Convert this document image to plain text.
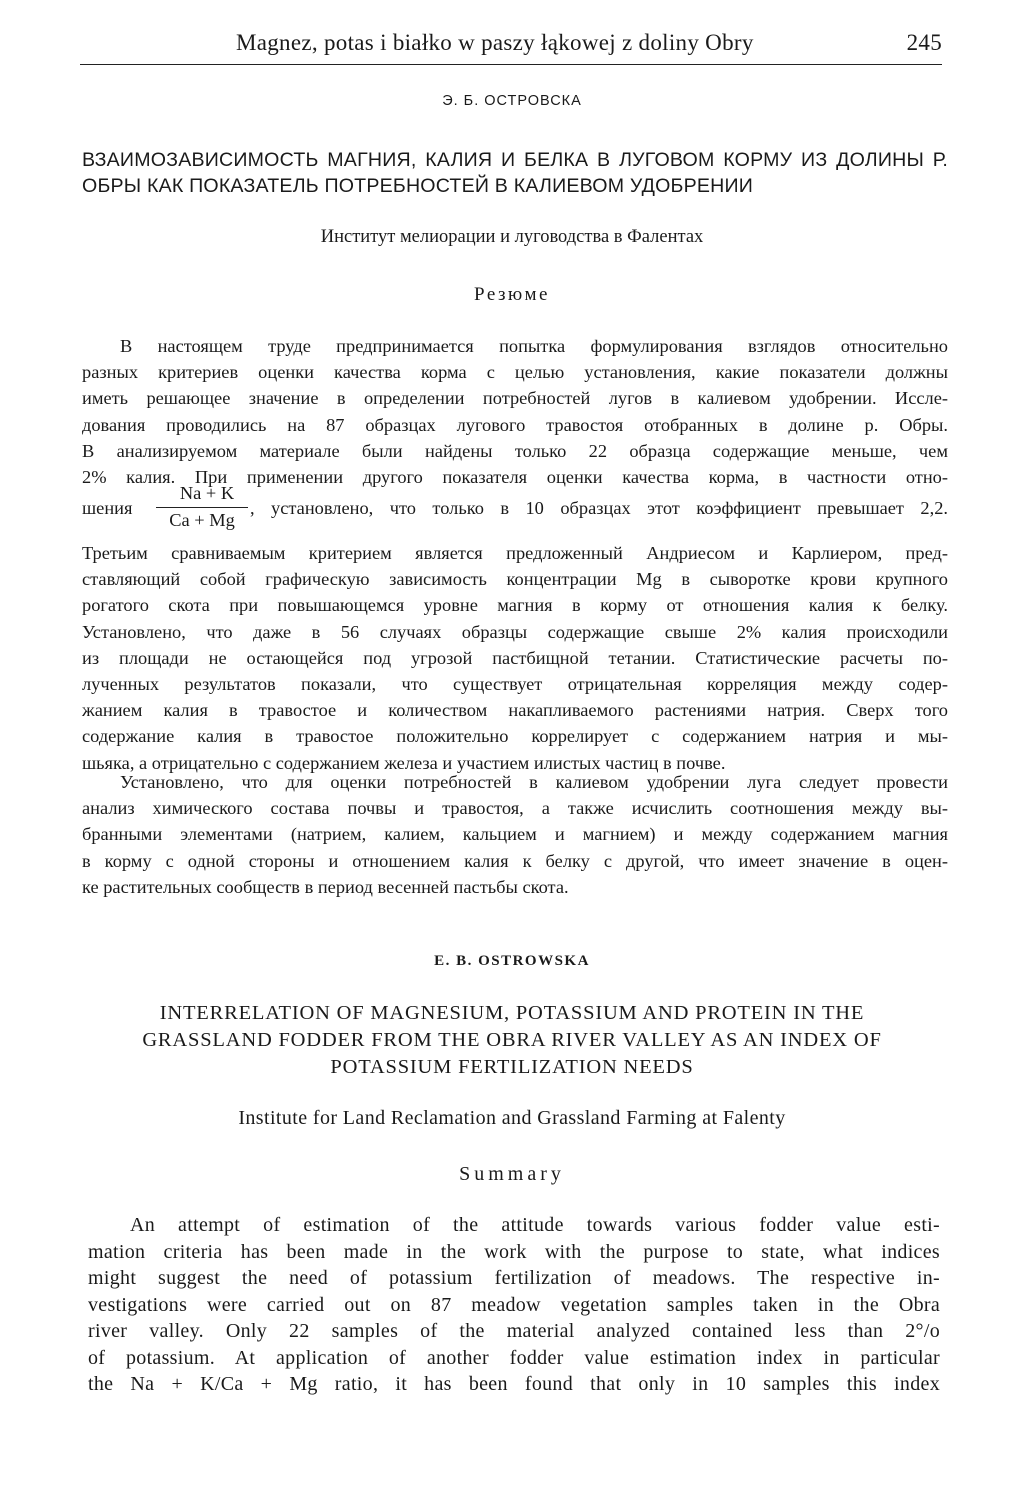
Magnez, potas i białko w paszy łąkowej z doliny Obry	245
Э. Б. ОСТРОВСКА
ВЗАИМОЗАВИСИМОСТЬ МАГНИЯ, КАЛИЯ И БЕЛКА В ЛУГОВОМ КОРМУ ИЗ ДОЛИНЫ Р. ОБРЫ КАК ПОКАЗАТЕЛЬ ПОТРЕБНОСТЕЙ В КАЛИЕВОМ УДОБРЕНИИ
Институт мелиорации и луговодства в Фалентах
Резюме
В настоящем труде предпринимается попытка формулирования взглядов относительно
разных критериев оценки качества корма с целью установления, какие показатели должны
иметь решающее значение в определении потребностей лугов в калиевом удобрении. Иссле-
дования проводились на 87 образцах лугового травостоя отобранных в долине р. Обры.
В анализируемом материале были найдены только 22 образца содержащие меньше, чем
2% калия. При применении другого показателя оценки качества корма, в частности отно-
шения
Na + K
Ca + Mg
, установлено, что только в 10 образцах этот коэффициент превышает 2,2.
Третьим сравниваемым критерием является предложенный Андриесом и Карлиером, пред-
ставляющий собой графическую зависимость концентрации Mg в сыворотке крови крупного
рогатого скота при повышающемся уровне магния в корму от отношения калия к белку.
Установлено, что даже в 56 случаях образцы содержащие свыше 2% калия происходили
из площади не остающейся под угрозой пастбищной тетании. Статистические расчеты по-
лученных результатов показали, что существует отрицательная корреляция между содер-
жанием калия в травостое и количеством накапливаемого растениями натрия. Сверх того
содержание калия в травостое положительно коррелирует с содержанием натрия и мы-
шьяка, а отрицательно с содержанием железа и участием илистых частиц в почве.
Установлено, что для оценки потребностей в калиевом удобрении луга следует провести
анализ химического состава почвы и травостоя, а также исчислить соотношения между вы-
бранными элементами (натрием, калием, кальцием и магнием) и между содержанием магния
в корму с одной стороны и отношением калия к белку с другой, что имеет значение в оцен-
ке растительных сообществ в период весенней пастьбы скота.
E. B. OSTROWSKA
INTERRELATION OF MAGNESIUM, POTASSIUM AND PROTEIN IN THE GRASSLAND FODDER FROM THE OBRA RIVER VALLEY AS AN INDEX OF POTASSIUM FERTILIZATION NEEDS
Institute for Land Reclamation and Grassland Farming at Falenty
Summary
An attempt of estimation of the attitude towards various fodder value esti-
mation criteria has been made in the work with the purpose to state, what indices
might suggest the need of potassium fertilization of meadows. The respective in-
vestigations were carried out on 87 meadow vegetation samples taken in the Obra
river valley. Only 22 samples of the material analyzed contained less than 2°/o
of potassium. At application of another fodder value estimation index in particular
the Na + K/Ca + Mg ratio, it has been found that only in 10 samples this index
